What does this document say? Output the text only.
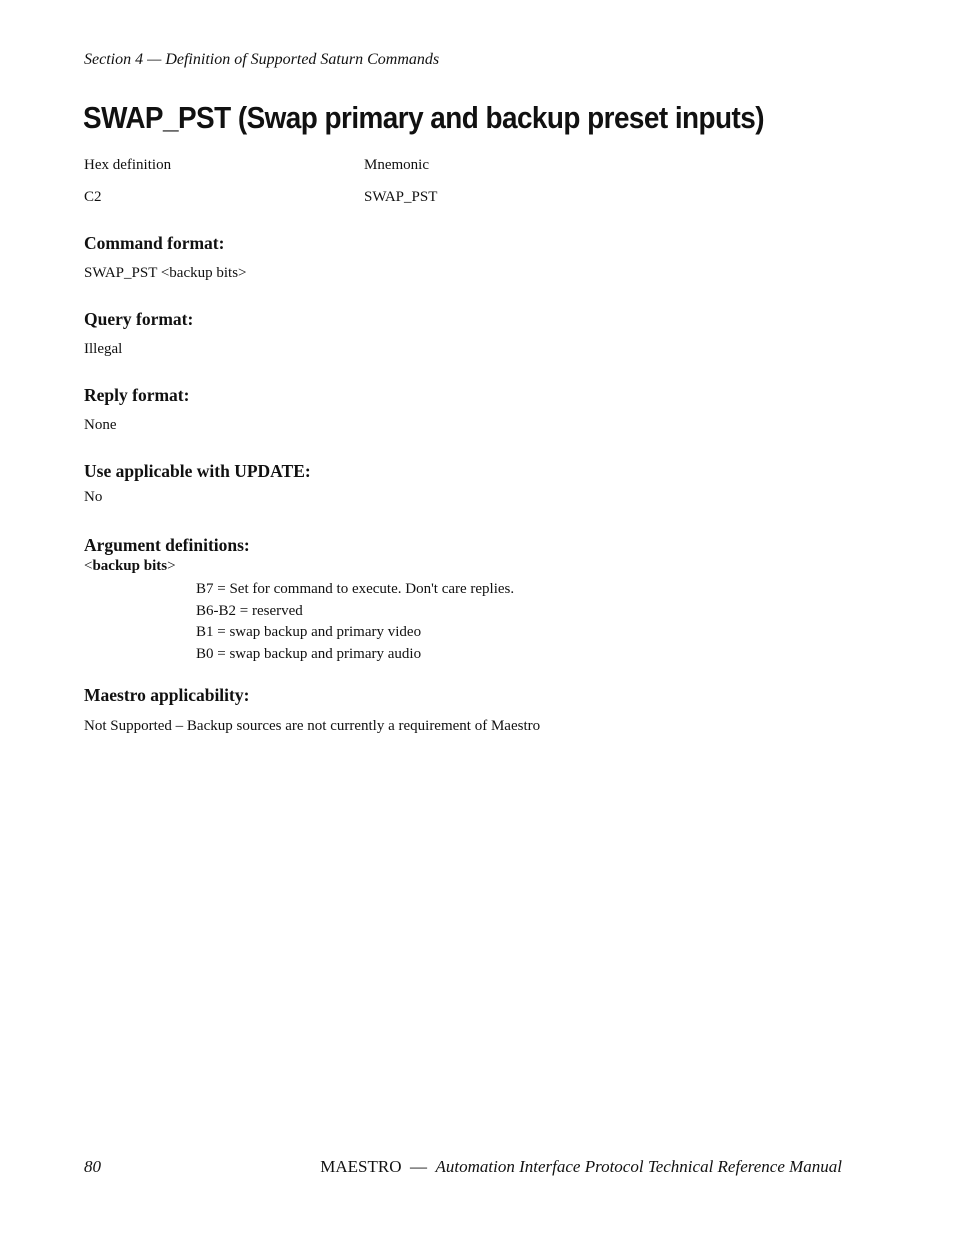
Section 4 — Definition of Supported Saturn Commands
SWAP_PST (Swap primary and backup preset inputs)
Hex definition	Mnemonic
C2	SWAP_PST
Command format:
SWAP_PST <backup bits>
Query format:
Illegal
Reply format:
None
Use applicable with UPDATE:
No
Argument definitions:
<backup bits>
B7 = Set for command to execute. Don't care replies.
B6-B2 = reserved
B1 = swap backup and primary video
B0 = swap backup and primary audio
Maestro applicability:
Not Supported – Backup sources are not currently a requirement of Maestro
80	MAESTRO — Automation Interface Protocol Technical Reference Manual
